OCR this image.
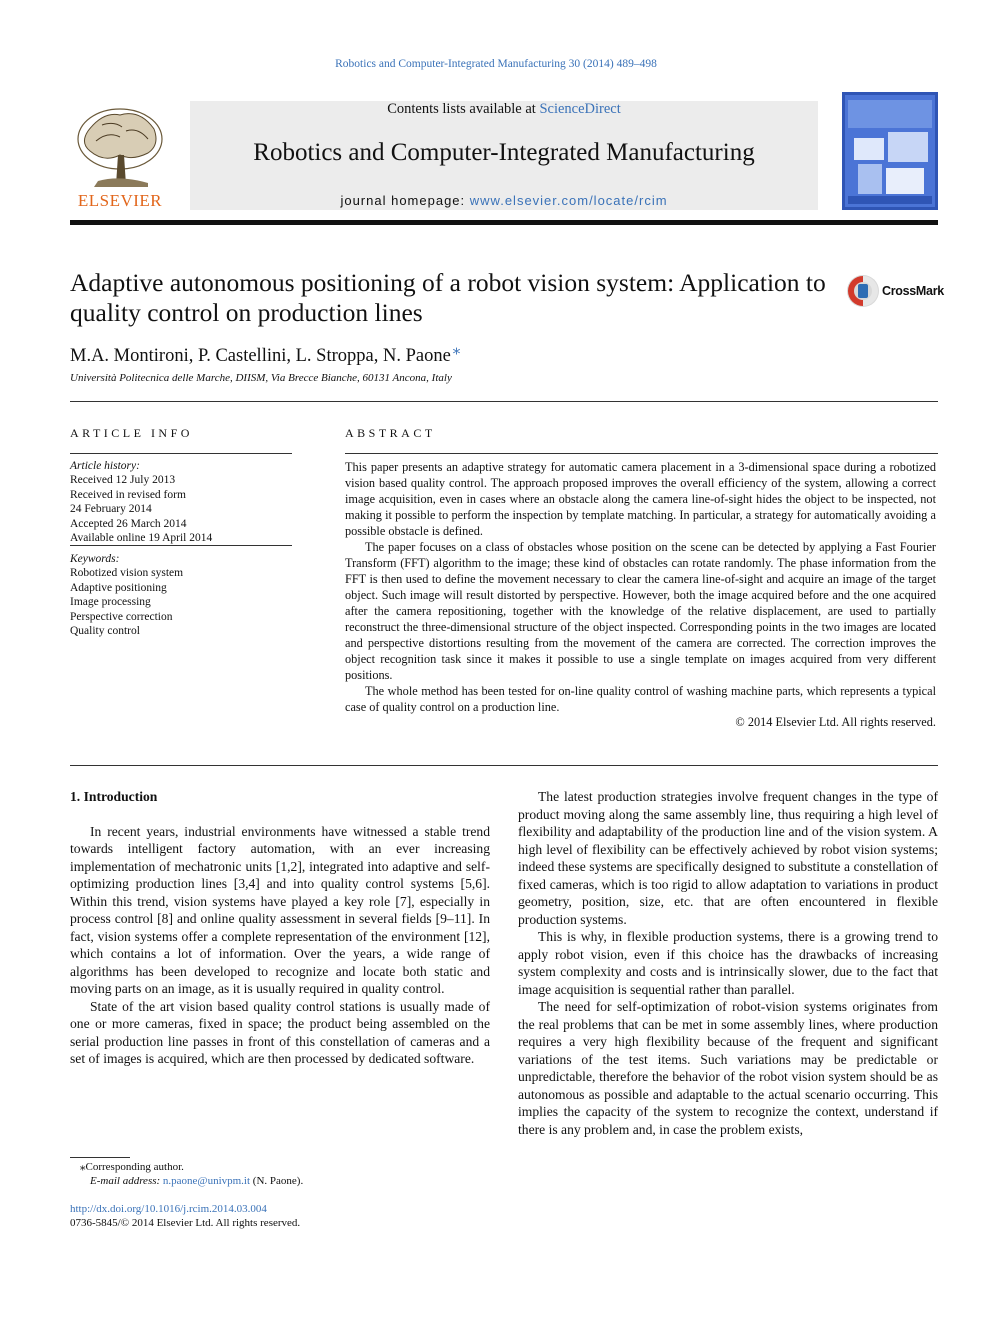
Robotics and Computer-Integrated Manufacturing 30 (2014) 489–498
ELSEVIER
Contents lists available at ScienceDirect
Robotics and Computer-Integrated Manufacturing
journal homepage: www.elsevier.com/locate/rcim
Adaptive autonomous positioning of a robot vision system: Application to quality control on production lines
CrossMark
M.A. Montironi, P. Castellini, L. Stroppa, N. Paone ⁎
Università Politecnica delle Marche, DIISM, Via Brecce Bianche, 60131 Ancona, Italy
ARTICLE INFO
Article history:
Received 12 July 2013
Received in revised form
24 February 2014
Accepted 26 March 2014
Available online 19 April 2014
Keywords:
Robotized vision system
Adaptive positioning
Image processing
Perspective correction
Quality control
ABSTRACT

This paper presents an adaptive strategy for automatic camera placement in a 3-dimensional space during a robotized vision based quality control. The approach proposed improves the overall efficiency of the system, allowing a correct image acquisition, even in cases where an obstacle along the camera line-of-sight hides the object to be inspected, not making it possible to perform the inspection by template matching. In particular, a strategy for automatically avoiding a possible obstacle is defined.

The paper focuses on a class of obstacles whose position on the scene can be detected by applying a Fast Fourier Transform (FFT) algorithm to the image; these kind of obstacles can rotate randomly. The phase information from the FFT is then used to define the movement necessary to clear the camera line-of-sight and acquire an image of the target object. Such image will result distorted by perspective. However, both the image acquired before and the one acquired after the camera repositioning, together with the knowledge of the relative displacement, are used to partially reconstruct the three-dimensional structure of the object inspected. Corresponding points in the two images are located and perspective distortions resulting from the movement of the camera are corrected. The correction improves the object recognition task since it makes it possible to use a single template on images acquired from very different positions.

The whole method has been tested for on-line quality control of washing machine parts, which represents a typical case of quality control on a production line.

© 2014 Elsevier Ltd. All rights reserved.
1. Introduction

In recent years, industrial environments have witnessed a stable trend towards intelligent factory automation, with an ever increasing implementation of mechatronic units [1,2], integrated into adaptive and self-optimizing production lines [3,4] and into quality control systems [5,6]. Within this trend, vision systems have played a key role [7], especially in process control [8] and online quality assessment in several fields [9–11]. In fact, vision systems offer a complete representation of the environment [12], which contains a lot of information. Over the years, a wide range of algorithms has been developed to recognize and locate both static and moving parts on an image, as it is usually required in quality control.

State of the art vision based quality control stations is usually made of one or more cameras, fixed in space; the product being assembled on the serial production line passes in front of this constellation of cameras and a set of images is acquired, which are then processed by dedicated software.

The latest production strategies involve frequent changes in the type of product moving along the same assembly line, thus requiring a high level of flexibility and adaptability of the production line and of the vision system. A high level of flexibility can be effectively achieved by robot vision systems; indeed these systems are specifically designed to substitute a constellation of fixed cameras, which is too rigid to allow adaptation to variations in product geometry, position, size, etc. that are often encountered in flexible production systems.

This is why, in flexible production systems, there is a growing trend to apply robot vision, even if this choice has the drawbacks of increasing system complexity and costs and is intrinsically slower, due to the fact that image acquisition is sequential rather than parallel.

The need for self-optimization of robot-vision systems originates from the real problems that can be met in some assembly lines, where production requires a very high flexibility because of the frequent and significant variations of the test items. Such variations may be predictable or unpredictable, therefore the behavior of the robot vision system should be as autonomous as possible and adaptable to the actual scenario occurring. This implies the capacity of the system to recognize the context, understand if there is any problem and, in case the problem exists,

⁎Corresponding author.
E-mail address: n.paone@univpm.it (N. Paone).
http://dx.doi.org/10.1016/j.rcim.2014.03.004
0736-5845/© 2014 Elsevier Ltd. All rights reserved.
